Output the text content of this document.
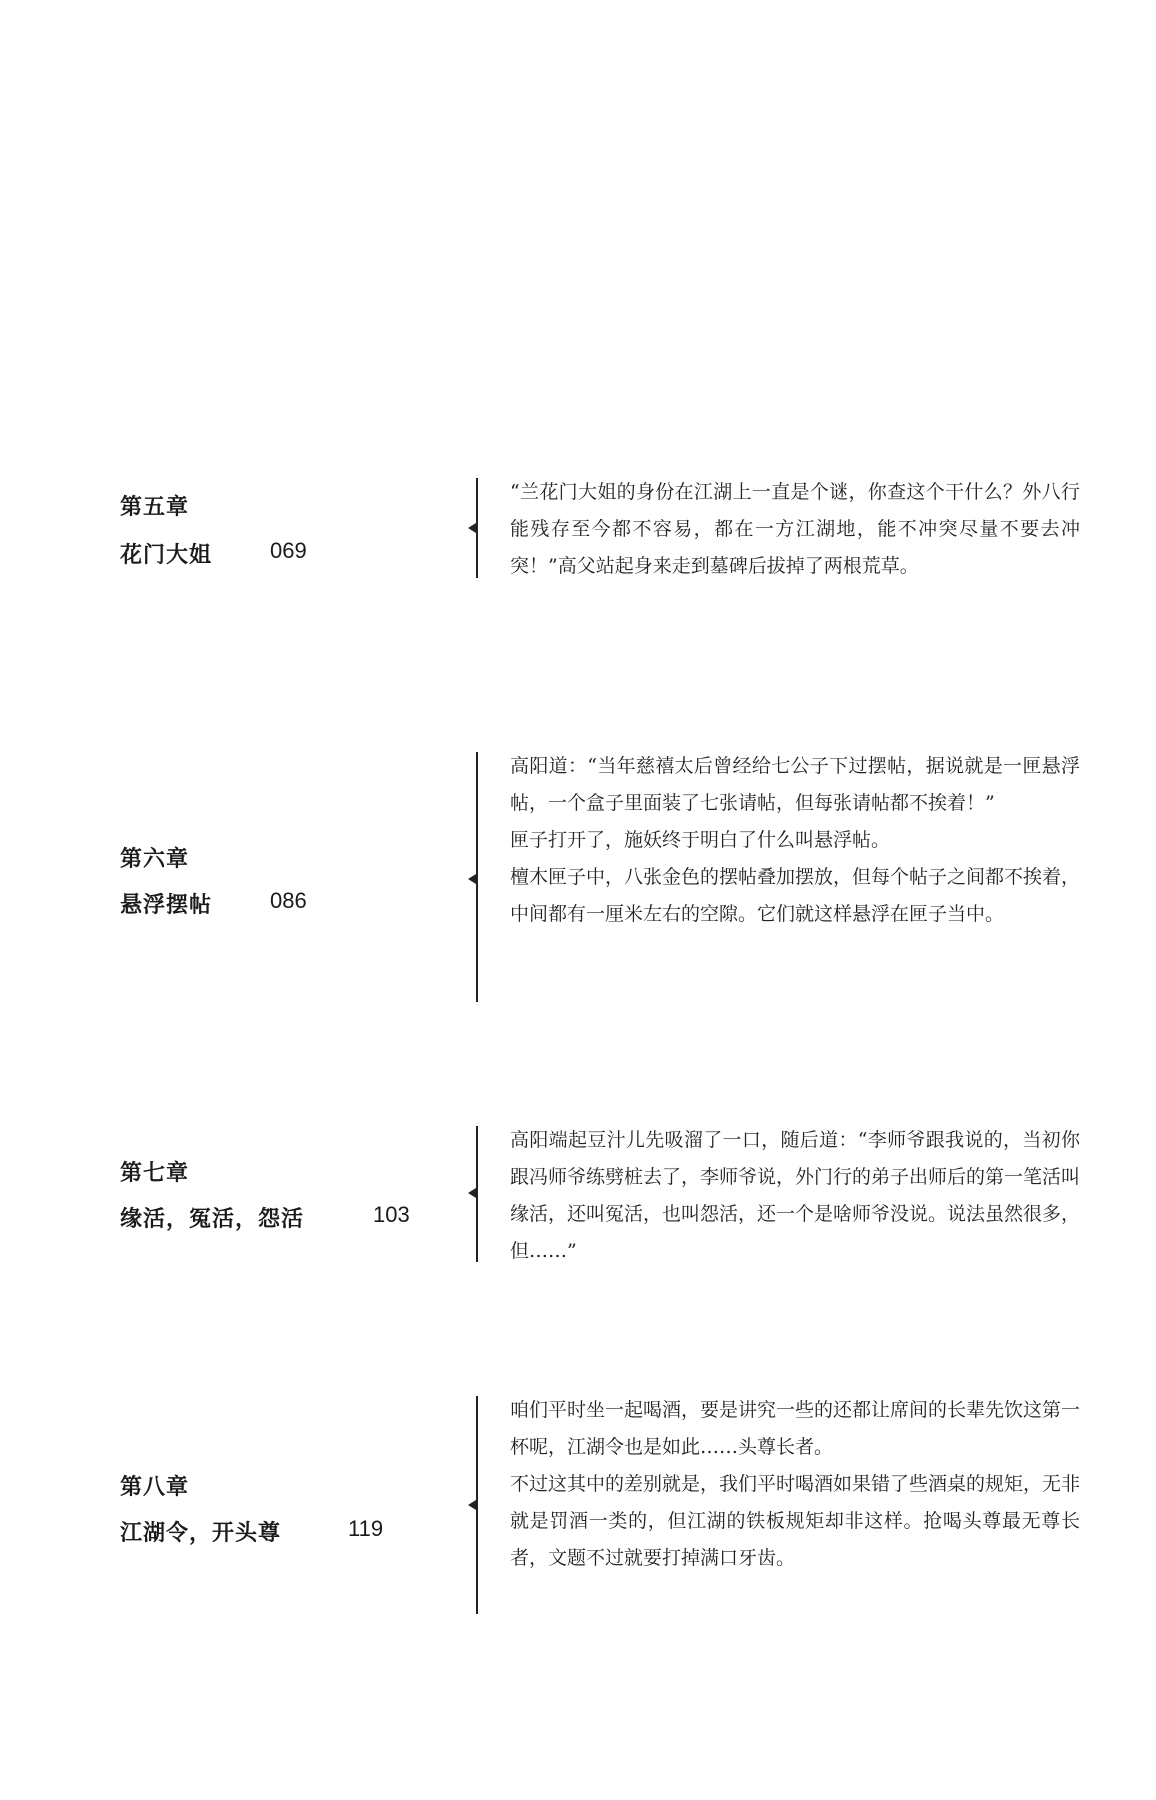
第五章
花门大姐	069

“兰花门大姐的身份在江湖上一直是个谜，你查这个干什么？外八行能残存至今都不容易，都在一方江湖地，能不冲突尽量不要去冲突！”高父站起身来走到墓碑后拔掉了两根荒草。

第六章
悬浮摆帖	086

高阳道：“当年慈禧太后曾经给七公子下过摆帖，据说就是一匣悬浮帖，一个盒子里面装了七张请帖，但每张请帖都不挨着！”

匣子打开了，施妖终于明白了什么叫悬浮帖。

檀木匣子中，八张金色的摆帖叠加摆放，但每个帖子之间都不挨着，中间都有一厘米左右的空隙。它们就这样悬浮在匣子当中。

第七章
缘活，冤活，怨活	103

高阳端起豆汁儿先吸溜了一口，随后道：“李师爷跟我说的，当初你跟冯师爷练劈桩去了，李师爷说，外门行的弟子出师后的第一笔活叫缘活，还叫冤活，也叫怨活，还一个是啥师爷没说。说法虽然很多，但……”

第八章
江湖令，开头尊	119

咱们平时坐一起喝酒，要是讲究一些的还都让席间的长辈先饮这第一杯呢，江湖令也是如此……头尊长者。

不过这其中的差别就是，我们平时喝酒如果错了些酒桌的规矩，无非就是罚酒一类的，但江湖的铁板规矩却非这样。抢喝头尊最无尊长者，文题不过就要打掉满口牙齿。
